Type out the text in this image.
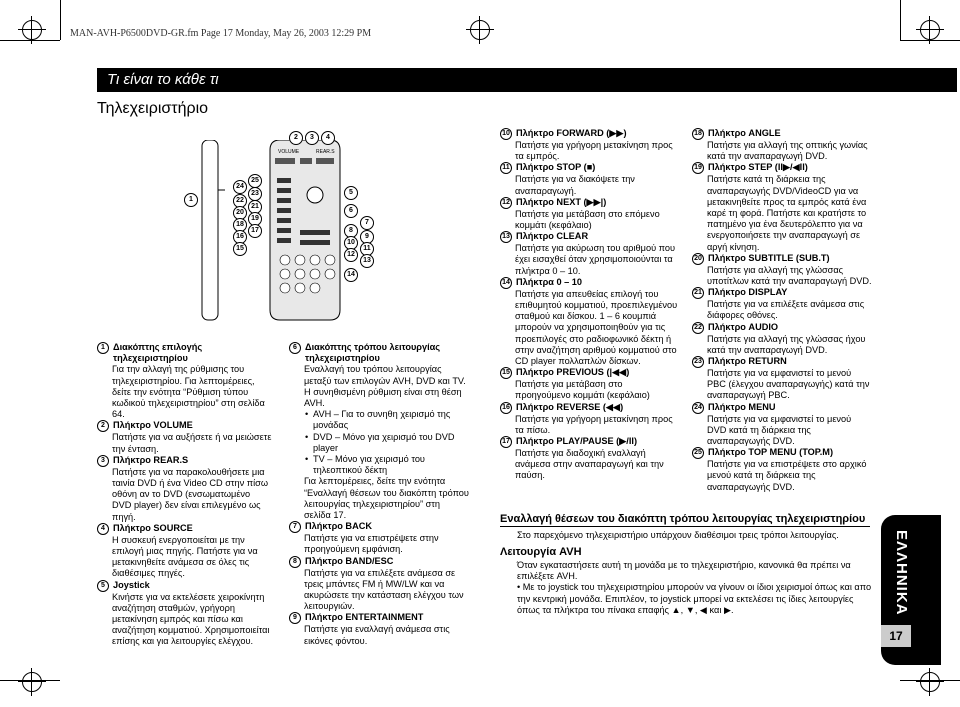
MAN-AVH-P6500DVD-GR.fm Page 17 Monday, May 26, 2003 12:29 PM
Τι είναι το κάθε τι
Τηλεχειριστήριο
VOLUME	REAR.S
1
25
24
23
22
21
20
19
18
17
16
15
2	3	4
5
6
7
8
9
10
11
12
13
14
1 Διακόπτης επιλογής τηλεχειριστηρίου
Για την αλλαγή της ρύθμισης του τηλεχειριστηρίου. Για λεπτομέρειες, δείτε την ενότητα “Ρύθμιση τύπου κωδικού τηλεχειριστηρίου” στη σελίδα 64.
2 Πλήκτρο VOLUME
Πατήστε για να αυξήσετε ή να μειώσετε την ένταση.
3 Πλήκτρο REAR.S
Πατήστε για να παρακολουθήσετε μια ταινία DVD ή ένα Video CD στην πίσω οθόνη αν το DVD (ενσωματωμένο DVD player) δεν είναι επιλεγμένο ως πηγή.
4 Πλήκτρο SOURCE
Η συσκευή ενεργοποιείται με την επιλογή μιας πηγής. Πατήστε για να μετακινηθείτε ανάμεσα σε όλες τις διαθέσιμες πηγές.
5 Joystick
Κινήστε για να εκτελέσετε χειροκίνητη αναζήτηση σταθμών, γρήγορη μετακίνηση εμπρός και πίσω και αναζήτηση κομματιού. Χρησιμοποιείται επίσης και για λειτουργίες ελέγχου.
6 Διακόπτης τρόπου λειτουργίας τηλεχειριστηρίου
Εναλλαγή του τρόπου λειτουργίας μεταξύ των επιλογών AVH, DVD και TV. Η συνηθισμένη ρύθμιση είναι στη θέση AVH.
• AVH – Για το συνηθη χειρισμό της μονάδας
• DVD – Μόνο για χειρισμό του DVD player
• TV – Μόνο για χειρισμό του τηλεοπτικού δέκτη
Για λεπτομέρειες, δείτε την ενότητα “Εναλλαγή θέσεων του διακόπτη τρόπου λειτουργίας τηλεχειριστηρίου” στη σελίδα 17.
7 Πλήκτρο BACK
Πατήστε για να επιστρέψετε στην προηγούμενη εμφάνιση.
8 Πλήκτρο BAND/ESC
Πατήστε για να επιλέξετε ανάμεσα σε τρεις μπάντες FM ή MW/LW και να ακυρώσετε την κατάσταση ελέγχου των λειτουργιών.
9 Πλήκτρο ENTERTAINMENT
Πατήστε για εναλλαγή ανάμεσα στις εικόνες φόντου.
10 Πλήκτρο FORWARD (▶▶)
Πατήστε για γρήγορη μετακίνηση προς τα εμπρός.
11 Πλήκτρο STOP (■)
Πατήστε για να διακόψετε την αναπαραγωγή.
12 Πλήκτρο NEXT (▶▶|)
Πατήστε για μετάβαση στο επόμενο κομμάτι (κεφάλαιο)
13 Πλήκτρο CLEAR
Πατήστε για ακύρωση του αριθμού που έχει εισαχθεί όταν χρησιμοποιούνται τα πλήκτρα 0 – 10.
14 Πλήκτρα 0 – 10
Πατήστε για απευθείας επιλογή του επιθυμητού κομματιού, προεπιλεγμένου σταθμού και δίσκου. 1 – 6 κουμπιά μπορούν να χρησιμοποιηθούν για τις προεπιλογές στο ραδιοφωνικό δέκτη ή στην αναζήτηση αριθμού κομματιού στο CD player πολλαπλών δίσκων.
15 Πλήκτρο PREVIOUS (|◀◀)
Πατήστε για μετάβαση στο προηγούμενο κομμάτι (κεφάλαιο)
16 Πλήκτρο REVERSE (◀◀)
Πατήστε για γρήγορη μετακίνηση προς τα πίσω.
17 Πλήκτρο PLAY/PAUSE (▶/II)
Πατήστε για διαδοχική εναλλαγή ανάμεσα στην αναπαραγωγή και την παύση.
18 Πλήκτρο ANGLE
Πατήστε για αλλαγή της οπτικής γωνίας κατά την αναπαραγωγή DVD.
19 Πλήκτρο STEP (II▶/◀II)
Πατήστε κατά τη διάρκεια της αναπαραγωγής DVD/VideoCD για να μετακινηθείτε προς τα εμπρός κατά ένα καρέ τη φορά. Πατήστε και κρατήστε το πατημένο για ένα δευτερόλεπτο για να ενεργοποιήσετε την αναπαραγωγή σε αργή κίνηση.
20 Πλήκτρο SUBTITLE (SUB.T)
Πατήστε για αλλαγή της γλώσσας υποτίτλων κατά την αναπαραγωγή DVD.
21 Πλήκτρο DISPLAY
Πατήστε για να επιλέξετε ανάμεσα στις διάφορες οθόνες.
22 Πλήκτρο AUDIO
Πατήστε για αλλαγή της γλώσσας ήχου κατά την αναπαραγωγή DVD.
23 Πλήκτρο RETURN
Πατήστε για να εμφανιστεί το μενού PBC (έλεγχου αναπαραγωγής) κατά την αναπαραγωγή PBC.
24 Πλήκτρο MENU
Πατήστε για να εμφανιστεί το μενού DVD κατά τη διάρκεια της αναπαραγωγής DVD.
25 Πλήκτρο TOP MENU (TOP.M)
Πατήστε για να επιστρέψετε στο αρχικό μενού κατά τη διάρκεια της αναπαραγωγής DVD.
Εναλλαγή θέσεων του διακόπτη τρόπου λειτουργίας τηλεχειριστηρίου
Στο παρεχόμενο τηλεχειριστήριο υπάρχουν διαθέσιμοι τρεις τρόποι λειτουργίας.
Λειτουργία AVH

Όταν εγκαταστήσετε αυτή τη μονάδα με το τηλεχειριστήριο, κανονικά θα πρέπει να επιλέξετε AVH.

• Με το joystick του τηλεχειριστηρίου μπορούν να γίνουν οι ίδιοι χειρισμοί όπως και απο την κεντρική μονάδα. Επιπλέον, το joystick μπορεί να εκτελέσει τις ίδιες λειτουργίες όπως τα πλήκτρα του πίνακα επαφής ▲, ▼, ◀ και ▶.	ΕΛΛΗΝΙΚΑ
17
